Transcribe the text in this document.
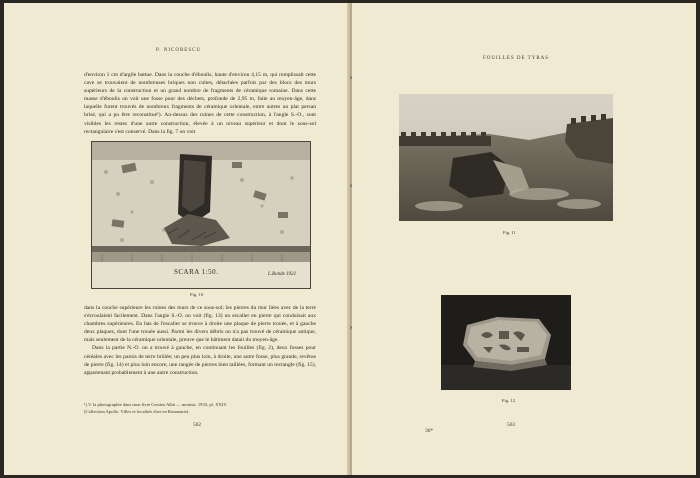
P. NICORESCU

d'environ 1 cm d'argile battue. Dans la couche d'éboulis, haute d'environ 4,15 m, qui remplissait cette cave se trouvaient de nombreuses briques non cuites, détachées parfois par des blocs des murs supérieurs de la construction et un grand nombre de fragments de céramique romaine. Dans cette masse d'éboulis on voit une fosse pour des déchets, profonde de 2,95 m, faite au moyen-âge, dans laquelle furent trouvés de nombreux fragments de céramique orientale, entre autres un plat persan brisé, qui a pu être reconstitué¹). Au-dessus des ruines de cette construction, à l'angle S.-O., sont visibles les restes d'une autre construction, élevée à un niveau supérieur et dont le sous-sol rectangulaire s'est conservé. Dans la fig. 7 on voit

SCARA 1:50.	L.Bonde 1922
Fig. 10

dans la couche supérieure les ruines des murs de ce sous-sol; les pierres du mur liées avec de la terre s'écroulaient facilement. Dans l'angle S.-O. on voit (fig. 13) un escalier en pierre qui conduisait aux chambres supérieures. En bas de l'escalier se trouve à droite une plaque de pierre trouée, et à gauche deux plaques, dont l'une trouée aussi. Parmi les divers débris on n'a pas trouvé de céramique antique, mais seulement de la céramique orientale, preuve que le bâtiment datait du moyen-âge.

Dans la partie N.-O. on a trouvé à gauche, en continuant les fouilles (fig. 2), deux fosses pour céréales avec les parois de terre brûlée; un peu plus loin, à droite, une autre fosse, plus grande, revêtue de pierre (fig. 14) et plus loin encore, une rangée de pierres bien taillées, formant un rectangle (fig. 15), appartenant probablement à une autre construction.

¹) V. la photographie dans mon livre Cetatea Albă — monisti, 1933, pl. XXIV.

(Collection Apollo. Villes et localités d'art en Roumanie).

562
›
›
›
FOUILLES DE TYRAS
Fig. 11
Fig. 12
36*
563
